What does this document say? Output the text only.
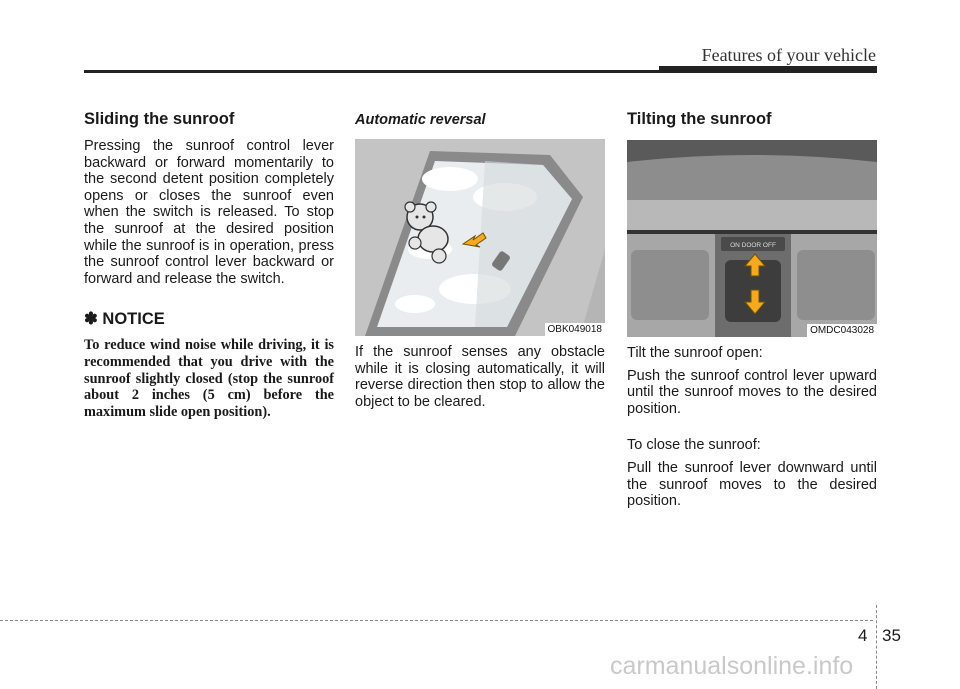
Features of your vehicle
Sliding the sunroof

Pressing the sunroof control lever backward or forward momentarily to the second detent position completely opens or closes the sunroof even when the switch is released. To stop the sunroof at the desired position while the sunroof is in operation, press the sunroof control lever backward or forward and release the switch.

✽ NOTICE
To reduce wind noise while driving, it is recommended that you drive with the sunroof slightly closed (stop the sunroof about 2 inches (5 cm) before the maximum slide open position).
Automatic reversal
OBK049018

If the sunroof senses any obstacle while it is closing automatically, it will reverse direction then stop to allow the object to be cleared.

Tilting the sunroof
ON DOOR OFF
OMDC043028

Tilt the sunroof open:

Push the sunroof control lever upward until the sunroof moves to the desired position.

To close the sunroof:

Pull the sunroof lever downward until the sunroof moves to the desired position.

4 35
carmanualsonline.info
